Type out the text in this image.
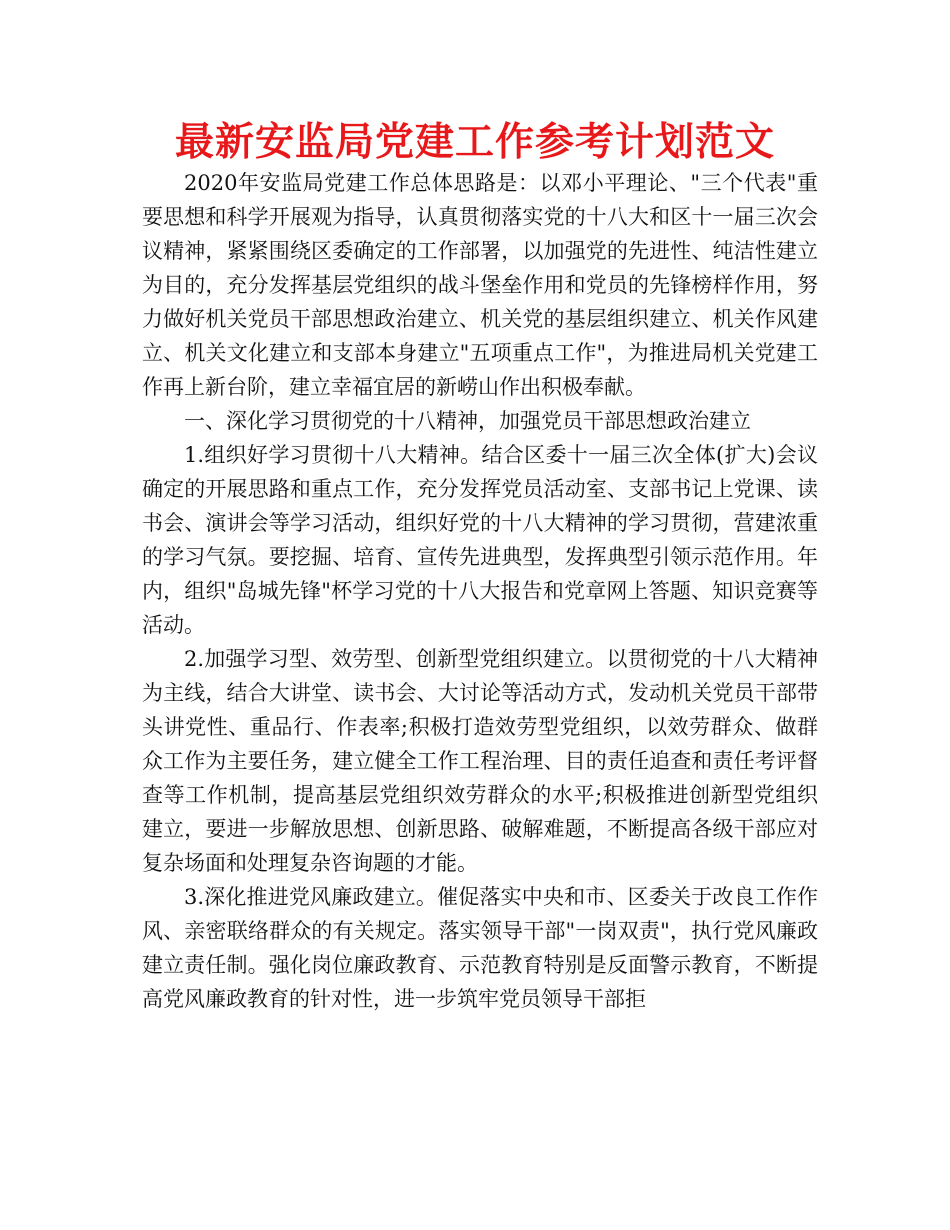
最新安监局党建工作参考计划范文

2020年安监局党建工作总体思路是：以邓小平理论、"三个代表"重要思想和科学开展观为指导，认真贯彻落实党的十八大和区十一届三次会议精神，紧紧围绕区委确定的工作部署，以加强党的先进性、纯洁性建立为目的，充分发挥基层党组织的战斗堡垒作用和党员的先锋榜样作用，努力做好机关党员干部思想政治建立、机关党的基层组织建立、机关作风建立、机关文化建立和支部本身建立"五项重点工作"，为推进局机关党建工作再上新台阶，建立幸福宜居的新崂山作出积极奉献。

一、深化学习贯彻党的十八精神，加强党员干部思想政治建立

1.组织好学习贯彻十八大精神。结合区委十一届三次全体(扩大)会议确定的开展思路和重点工作，充分发挥党员活动室、支部书记上党课、读书会、演讲会等学习活动，组织好党的十八大精神的学习贯彻，营建浓重的学习气氛。要挖掘、培育、宣传先进典型，发挥典型引领示范作用。年内，组织"岛城先锋"杯学习党的十八大报告和党章网上答题、知识竞赛等活动。

2.加强学习型、效劳型、创新型党组织建立。以贯彻党的十八大精神为主线，结合大讲堂、读书会、大讨论等活动方式，发动机关党员干部带头讲党性、重品行、作表率;积极打造效劳型党组织，以效劳群众、做群众工作为主要任务，建立健全工作工程治理、目的责任追查和责任考评督查等工作机制，提高基层党组织效劳群众的水平;积极推进创新型党组织建立，要进一步解放思想、创新思路、破解难题，不断提高各级干部应对复杂场面和处理复杂咨询题的才能。

3.深化推进党风廉政建立。催促落实中央和市、区委关于改良工作作风、亲密联络群众的有关规定。落实领导干部"一岗双责"，执行党风廉政建立责任制。强化岗位廉政教育、示范教育特别是反面警示教育，不断提高党风廉政教育的针对性，进一步筑牢党员领导干部拒
